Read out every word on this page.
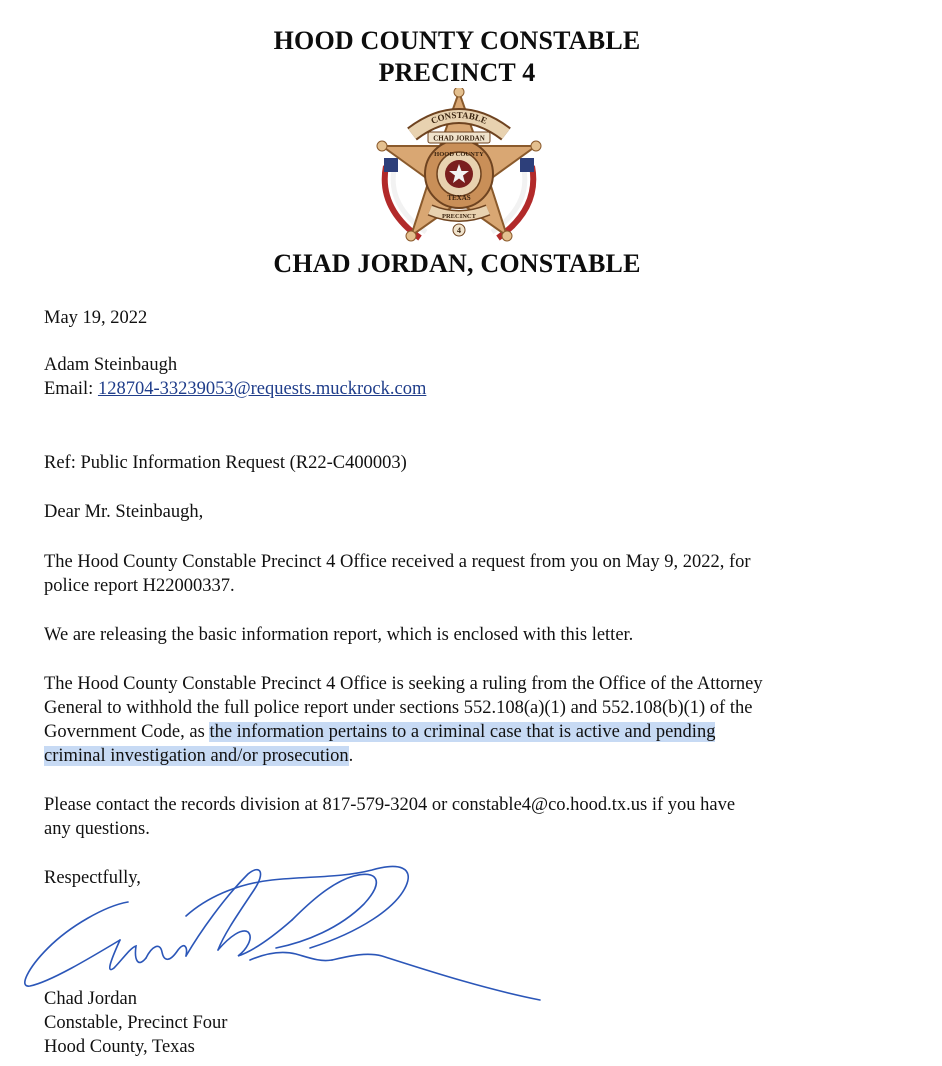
HOOD COUNTY CONSTABLE
PRECINCT 4
CONSTABLE
CHAD JORDAN
HOOD COUNTY
TEXAS
PRECINCT
4
CHAD JORDAN, CONSTABLE
May 19, 2022
Adam Steinbaugh
Email: 128704-33239053@requests.muckrock.com
Ref: Public Information Request (R22-C400003)
Dear Mr. Steinbaugh,
The Hood County Constable Precinct 4 Office received a request from you on May 9, 2022, for
police report H22000337.
We are releasing the basic information report, which is enclosed with this letter.
The Hood County Constable Precinct 4 Office is seeking a ruling from the Office of the Attorney
General to withhold the full police report under sections 552.108(a)(1) and 552.108(b)(1) of the
Government Code, as the information pertains to a criminal case that is active and pending
criminal investigation and/or prosecution.
Please contact the records division at 817-579-3204 or constable4@co.hood.tx.us if you have
any questions.
Respectfully,
Chad Jordan
Constable, Precinct Four
Hood County, Texas
